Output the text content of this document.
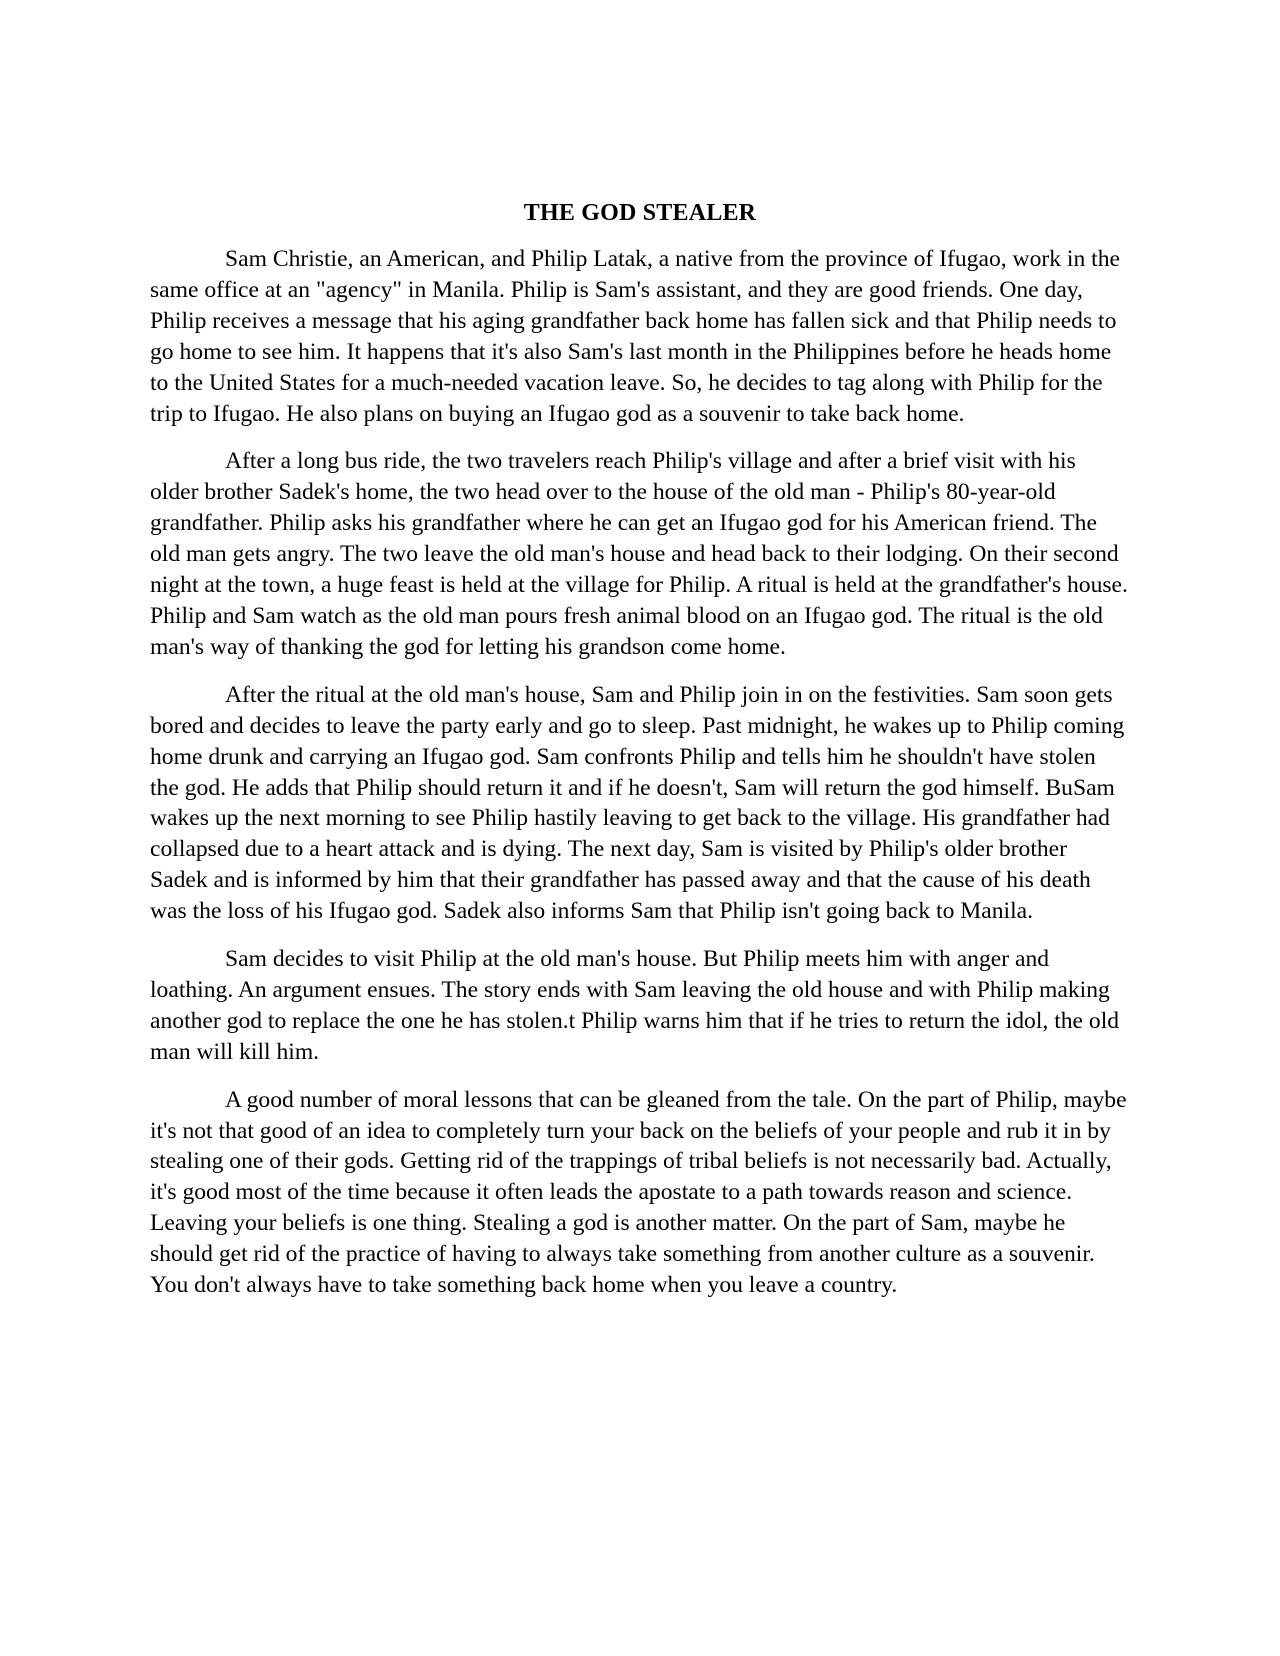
THE GOD STEALER

Sam Christie, an American, and Philip Latak, a native from the province of Ifugao, work in the same office at an "agency" in Manila. Philip is Sam's assistant, and they are good friends. One day, Philip receives a message that his aging grandfather back home has fallen sick and that Philip needs to go home to see him. It happens that it's also Sam's last month in the Philippines before he heads home to the United States for a much-needed vacation leave. So, he decides to tag along with Philip for the trip to Ifugao. He also plans on buying an Ifugao god as a souvenir to take back home.

After a long bus ride, the two travelers reach Philip's village and after a brief visit with his older brother Sadek's home, the two head over to the house of the old man - Philip's 80-year-old grandfather. Philip asks his grandfather where he can get an Ifugao god for his American friend. The old man gets angry. The two leave the old man's house and head back to their lodging. On their second night at the town, a huge feast is held at the village for Philip. A ritual is held at the grandfather's house. Philip and Sam watch as the old man pours fresh animal blood on an Ifugao god. The ritual is the old man's way of thanking the god for letting his grandson come home.

After the ritual at the old man's house, Sam and Philip join in on the festivities. Sam soon gets bored and decides to leave the party early and go to sleep. Past midnight, he wakes up to Philip coming home drunk and carrying an Ifugao god. Sam confronts Philip and tells him he shouldn't have stolen the god. He adds that Philip should return it and if he doesn't, Sam will return the god himself. BuSam wakes up the next morning to see Philip hastily leaving to get back to the village. His grandfather had collapsed due to a heart attack and is dying. The next day, Sam is visited by Philip's older brother Sadek and is informed by him that their grandfather has passed away and that the cause of his death was the loss of his Ifugao god. Sadek also informs Sam that Philip isn't going back to Manila.

Sam decides to visit Philip at the old man's house. But Philip meets him with anger and loathing. An argument ensues. The story ends with Sam leaving the old house and with Philip making another god to replace the one he has stolen.t Philip warns him that if he tries to return the idol, the old man will kill him.

A good number of moral lessons that can be gleaned from the tale. On the part of Philip, maybe it's not that good of an idea to completely turn your back on the beliefs of your people and rub it in by stealing one of their gods. Getting rid of the trappings of tribal beliefs is not necessarily bad. Actually, it's good most of the time because it often leads the apostate to a path towards reason and science. Leaving your beliefs is one thing. Stealing a god is another matter. On the part of Sam, maybe he should get rid of the practice of having to always take something from another culture as a souvenir. You don't always have to take something back home when you leave a country.
